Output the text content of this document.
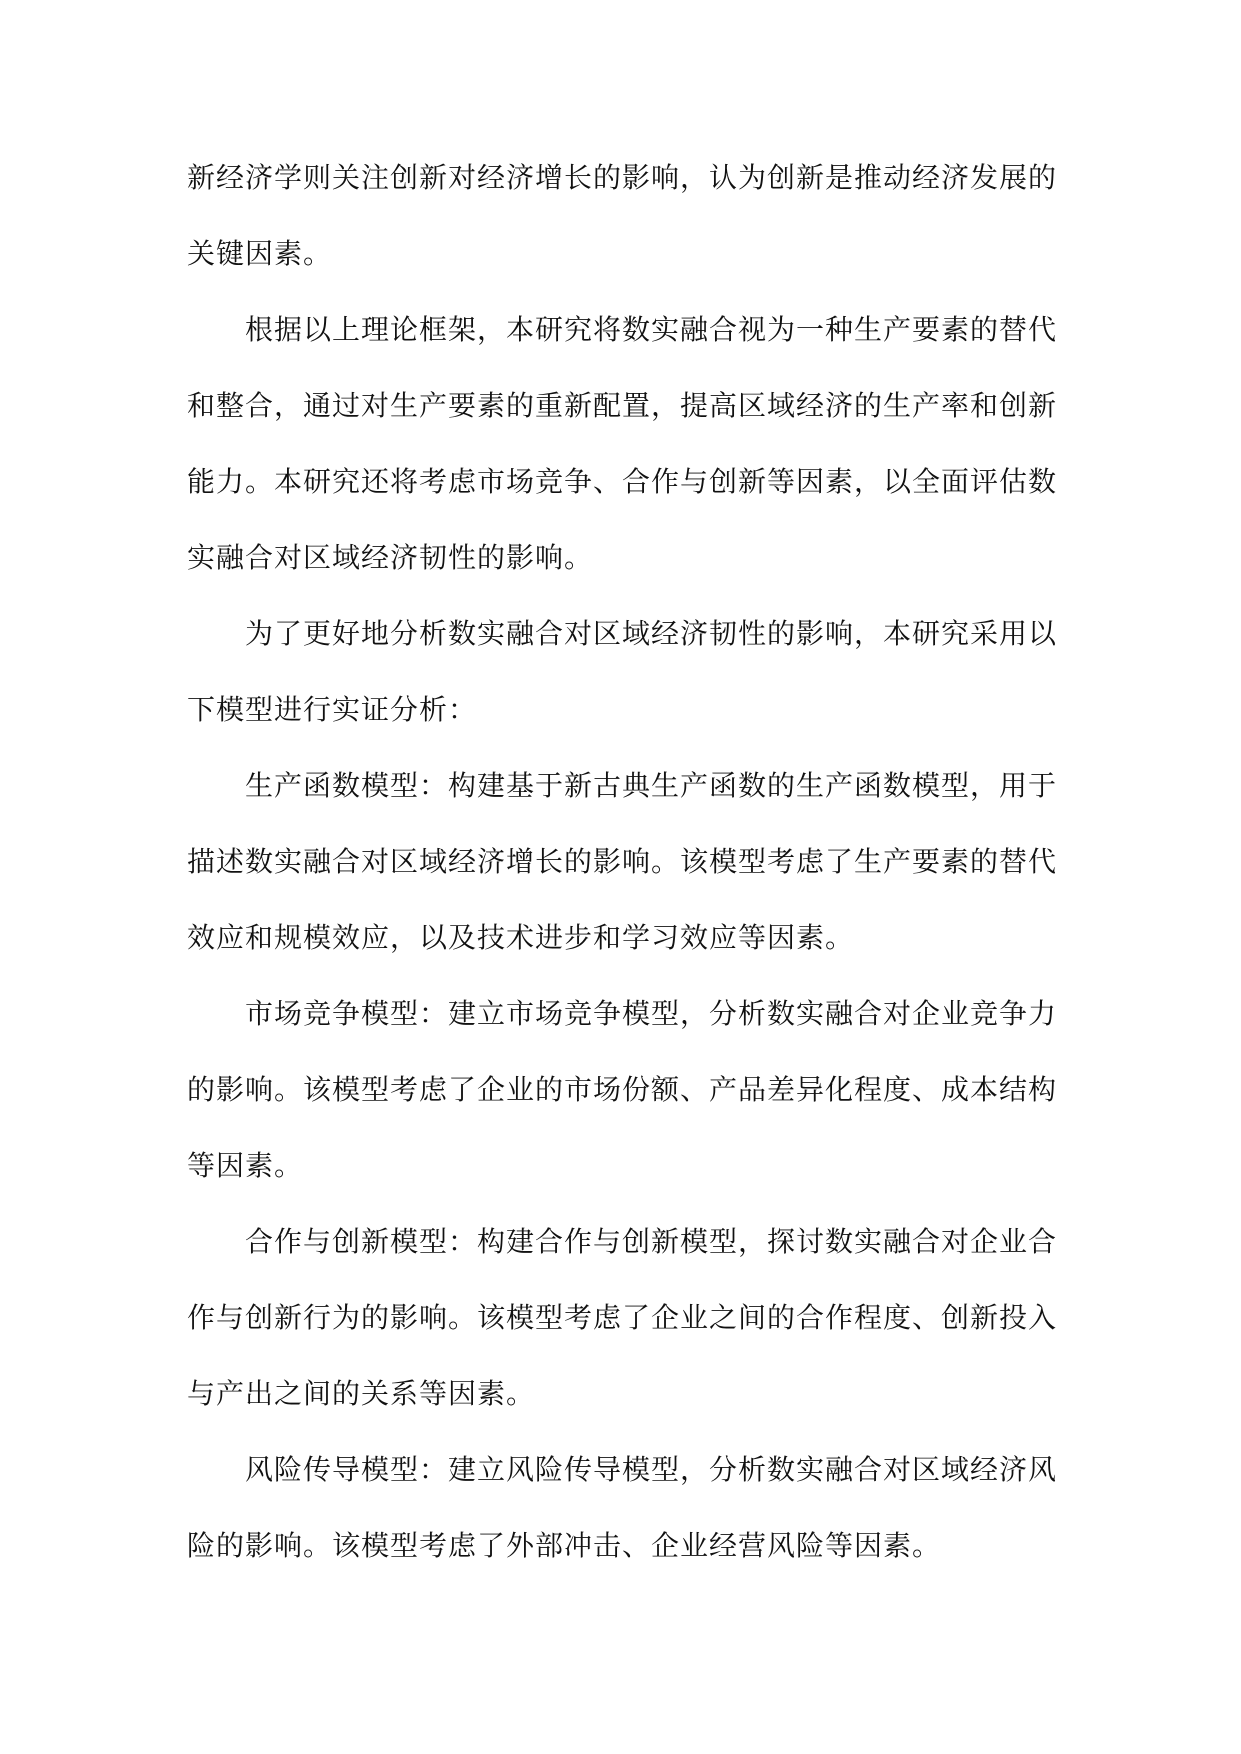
新经济学则关注创新对经济增长的影响，认为创新是推动经济发展的关键因素。

根据以上理论框架，本研究将数实融合视为一种生产要素的替代和整合，通过对生产要素的重新配置，提高区域经济的生产率和创新能力。本研究还将考虑市场竞争、合作与创新等因素，以全面评估数实融合对区域经济韧性的影响。

为了更好地分析数实融合对区域经济韧性的影响，本研究采用以下模型进行实证分析：

生产函数模型：构建基于新古典生产函数的生产函数模型，用于描述数实融合对区域经济增长的影响。该模型考虑了生产要素的替代效应和规模效应，以及技术进步和学习效应等因素。

市场竞争模型：建立市场竞争模型，分析数实融合对企业竞争力的影响。该模型考虑了企业的市场份额、产品差异化程度、成本结构等因素。

合作与创新模型：构建合作与创新模型，探讨数实融合对企业合作与创新行为的影响。该模型考虑了企业之间的合作程度、创新投入与产出之间的关系等因素。

风险传导模型：建立风险传导模型，分析数实融合对区域经济风险的影响。该模型考虑了外部冲击、企业经营风险等因素。
